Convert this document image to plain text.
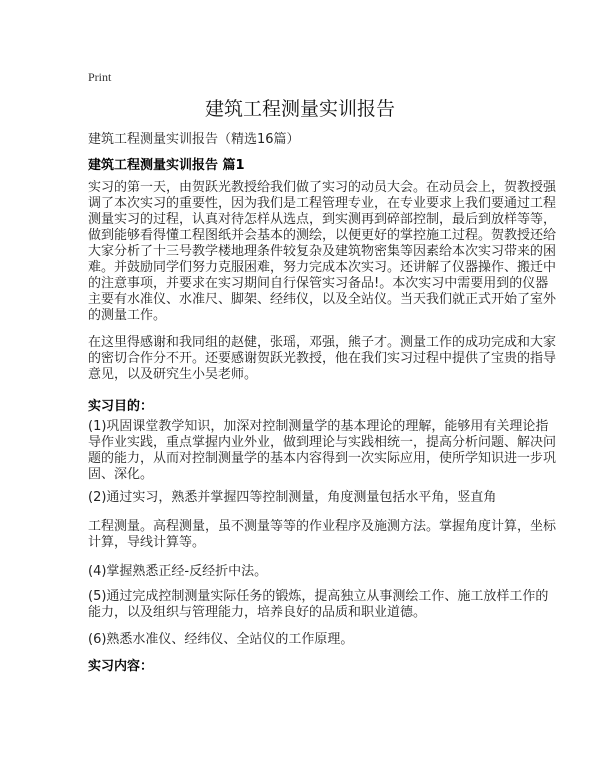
Print
建筑工程测量实训报告
建筑工程测量实训报告（精选16篇）
建筑工程测量实训报告 篇1
实习的第一天，由贺跃光教授给我们做了实习的动员大会。在动员会上，贺教授强
调了本次实习的重要性，因为我们是工程管理专业，在专业要求上我们要通过工程
测量实习的过程，认真对待怎样从选点，到实测再到碎部控制，最后到放样等等，
做到能够看得懂工程图纸并会基本的测绘，以便更好的掌控施工过程。贺教授还给
大家分析了十三号教学楼地理条件较复杂及建筑物密集等因素给本次实习带来的困
难。并鼓励同学们努力克服困难，努力完成本次实习。还讲解了仪器操作、搬迁中
的注意事项，并要求在实习期间自行保管实习备品!。本次实习中需要用到的仪器
主要有水准仪、水准尺、脚架、经纬仪，以及全站仪。当天我们就正式开始了室外
的测量工作。
在这里得感谢和我同组的赵健，张瑶，邓强，熊子才。测量工作的成功完成和大家
的密切合作分不开。还要感谢贺跃光教授，他在我们实习过程中提供了宝贵的指导
意见，以及研究生小吴老师。
实习目的：
(1)巩固课堂教学知识，加深对控制测量学的基本理论的理解，能够用有关理论指
导作业实践，重点掌握内业外业，做到理论与实践相统一，提高分析问题、解决问
题的能力，从而对控制测量学的基本内容得到一次实际应用，使所学知识进一步巩
固、深化。
(2)通过实习，熟悉并掌握四等控制测量，角度测量包括水平角，竖直角
工程测量。高程测量，虽不测量等等的作业程序及施测方法。掌握角度计算，坐标
计算，导线计算等。
(4)掌握熟悉正经-反经折中法。
(5)通过完成控制测量实际任务的锻炼，提高独立从事测绘工作、施工放样工作的
能力，以及组织与管理能力，培养良好的品质和职业道德。
(6)熟悉水准仪、经纬仪、全站仪的工作原理。
实习内容：
